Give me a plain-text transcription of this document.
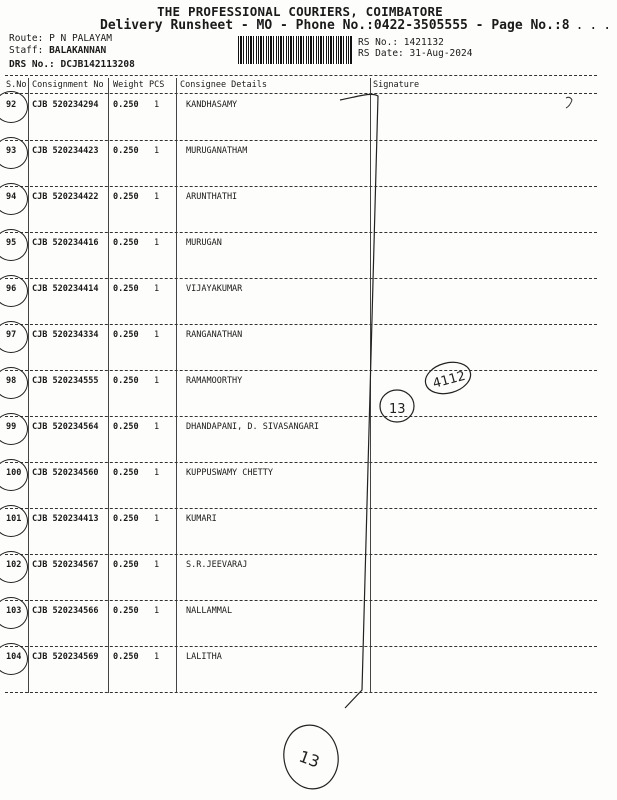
THE PROFESSIONAL COURIERS, COIMBATORE
Delivery Runsheet - MO - Phone No.:0422-3505555 - Page No.:8 ...
Route: P N PALAYAM
Staff: BALAKANNAN
DRS No.: DCJB142113208
RS No.: 1421132
RS Date: 31-Aug-2024
S.No Consignment No Weight PCS Consignee Details	Signature
92 CJB 520234294 0.250 1	KANDHASAMY
93 CJB 520234423 0.250 1	MURUGANATHAM
94 CJB 520234422 0.250 1	ARUNTHATHI
95 CJB 520234416 0.250 1	MURUGAN
96 CJB 520234414 0.250 1	VIJAYAKUMAR
97 CJB 520234334 0.250 1	RANGANATHAN
98 CJB 520234555 0.250 1	RAMAMOORTHY
99 CJB 520234564 0.250 1	DHANDAPANI, D. SIVASANGARI
100 CJB 520234560 0.250 1	KUPPUSWAMY CHETTY
101 CJB 520234413 0.250 1	KUMARI
102 CJB 520234567 0.250 1	S.R.JEEVARAJ
103 CJB 520234566 0.250 1	NALLAMMAL
104 CJB 520234569 0.250 1	LALITHA
13
4112
13
